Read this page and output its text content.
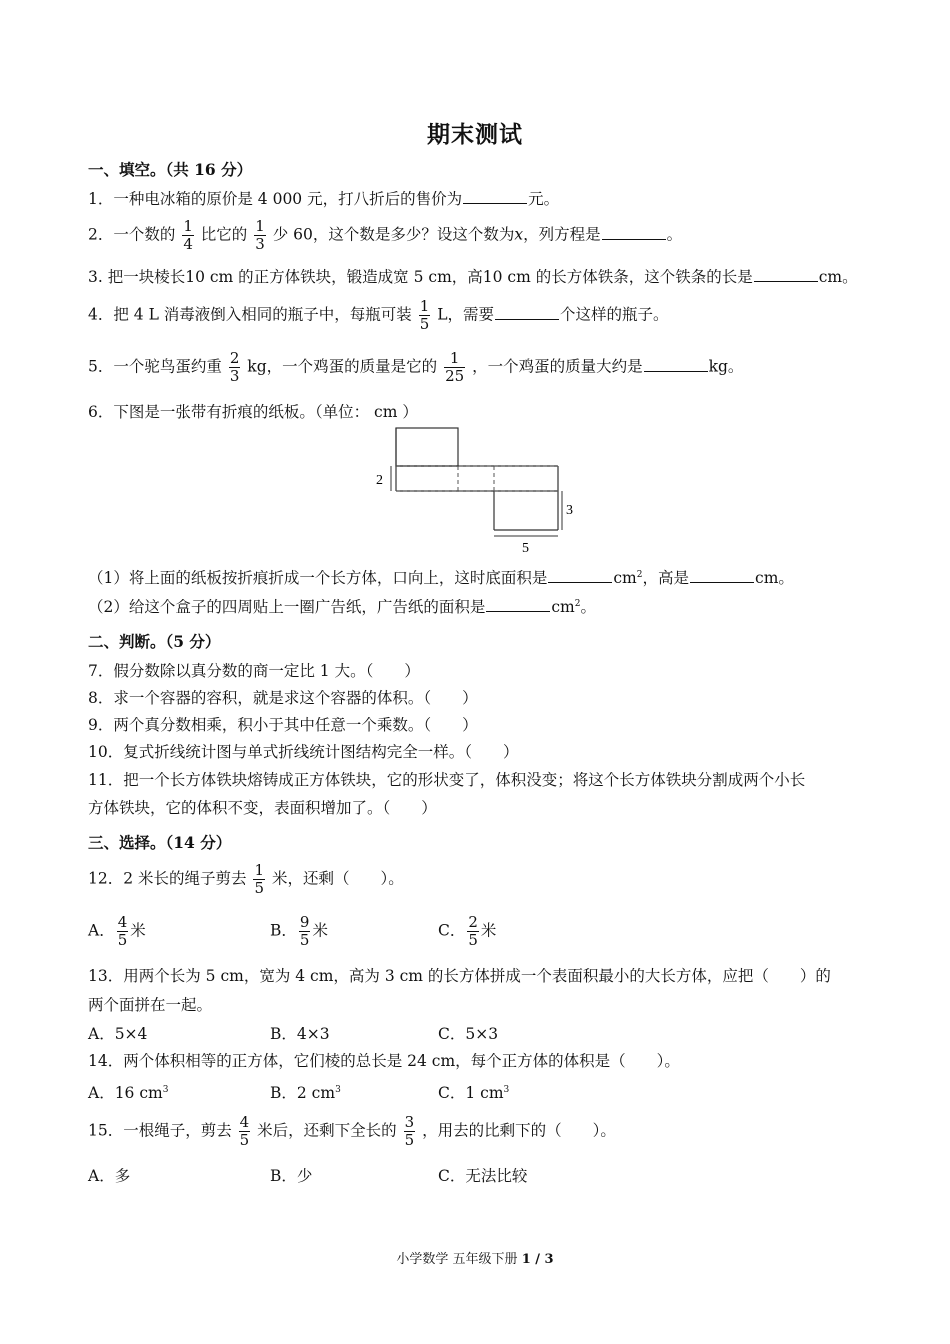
期末测试
一、填空。（共 16 分）
1．一种电冰箱的原价是 4 000 元，打八折后的售价为	元。
2．一个数的 $\frac{1}{4}$ 比它的 $\frac{1}{3}$ 少 60，这个数是多少？设这个数为x，列方程是	。
3. 把一块棱长10 cm 的正方体铁块，锻造成宽 5 cm，高10 cm 的长方体铁条，这个铁条的长是	cm。
4．把 4 L 消毒液倒入相同的瓶子中，每瓶可装 $\frac{1}{5}$ L，需要	个这样的瓶子。
5．一个驼鸟蛋约重 $\frac{2}{3}$ kg，一个鸡蛋的质量是它的 $\frac{1}{25}$ ，一个鸡蛋的质量大约是	kg。
6．下图是一张带有折痕的纸板。（单位： cm ）
2
3
5
（1）将上面的纸板按折痕折成一个长方体，口向上，这时底面积是	$cm^2$，高是	cm。
（2）给这个盒子的四周贴上一圈广告纸，广告纸的面积是	$cm^2$。
二、判断。（5 分）
7．假分数除以真分数的商一定比 1 大。（　　）
8．求一个容器的容积，就是求这个容器的体积。（　　）
9．两个真分数相乘，积小于其中任意一个乘数。（　　）
10．复式折线统计图与单式折线统计图结构完全一样。（　　）
11．把一个长方体铁块熔铸成正方体铁块，它的形状变了，体积没变；将这个长方体铁块分割成两个小长
方体铁块，它的体积不变，表面积增加了。（　　）
三、选择。（14 分）
12．2 米长的绳子剪去 $\frac{1}{5}$ 米，还剩（　　）。
A． $\frac{4}{5}$ 米	B． $\frac{9}{5}$ 米	C． $\frac{2}{5}$ 米
13．用两个长为 5 cm，宽为 4 cm，高为 3 cm 的长方体拼成一个表面积最小的大长方体，应把（　　）的
两个面拼在一起。
A．5×4	B．4×3	C．5×3
14．两个体积相等的正方体，它们棱的总长是 24 cm，每个正方体的体积是（　　）。
A．16 $cm^3$	B．2 $cm^3$	C．1 $cm^3$
15．一根绳子，剪去 $\frac{4}{5}$ 米后，还剩下全长的 $\frac{3}{5}$ ，用去的比剩下的（　　）。
A．多	B．少	C．无法比较
小学数学 五年级下册 1 / 3
